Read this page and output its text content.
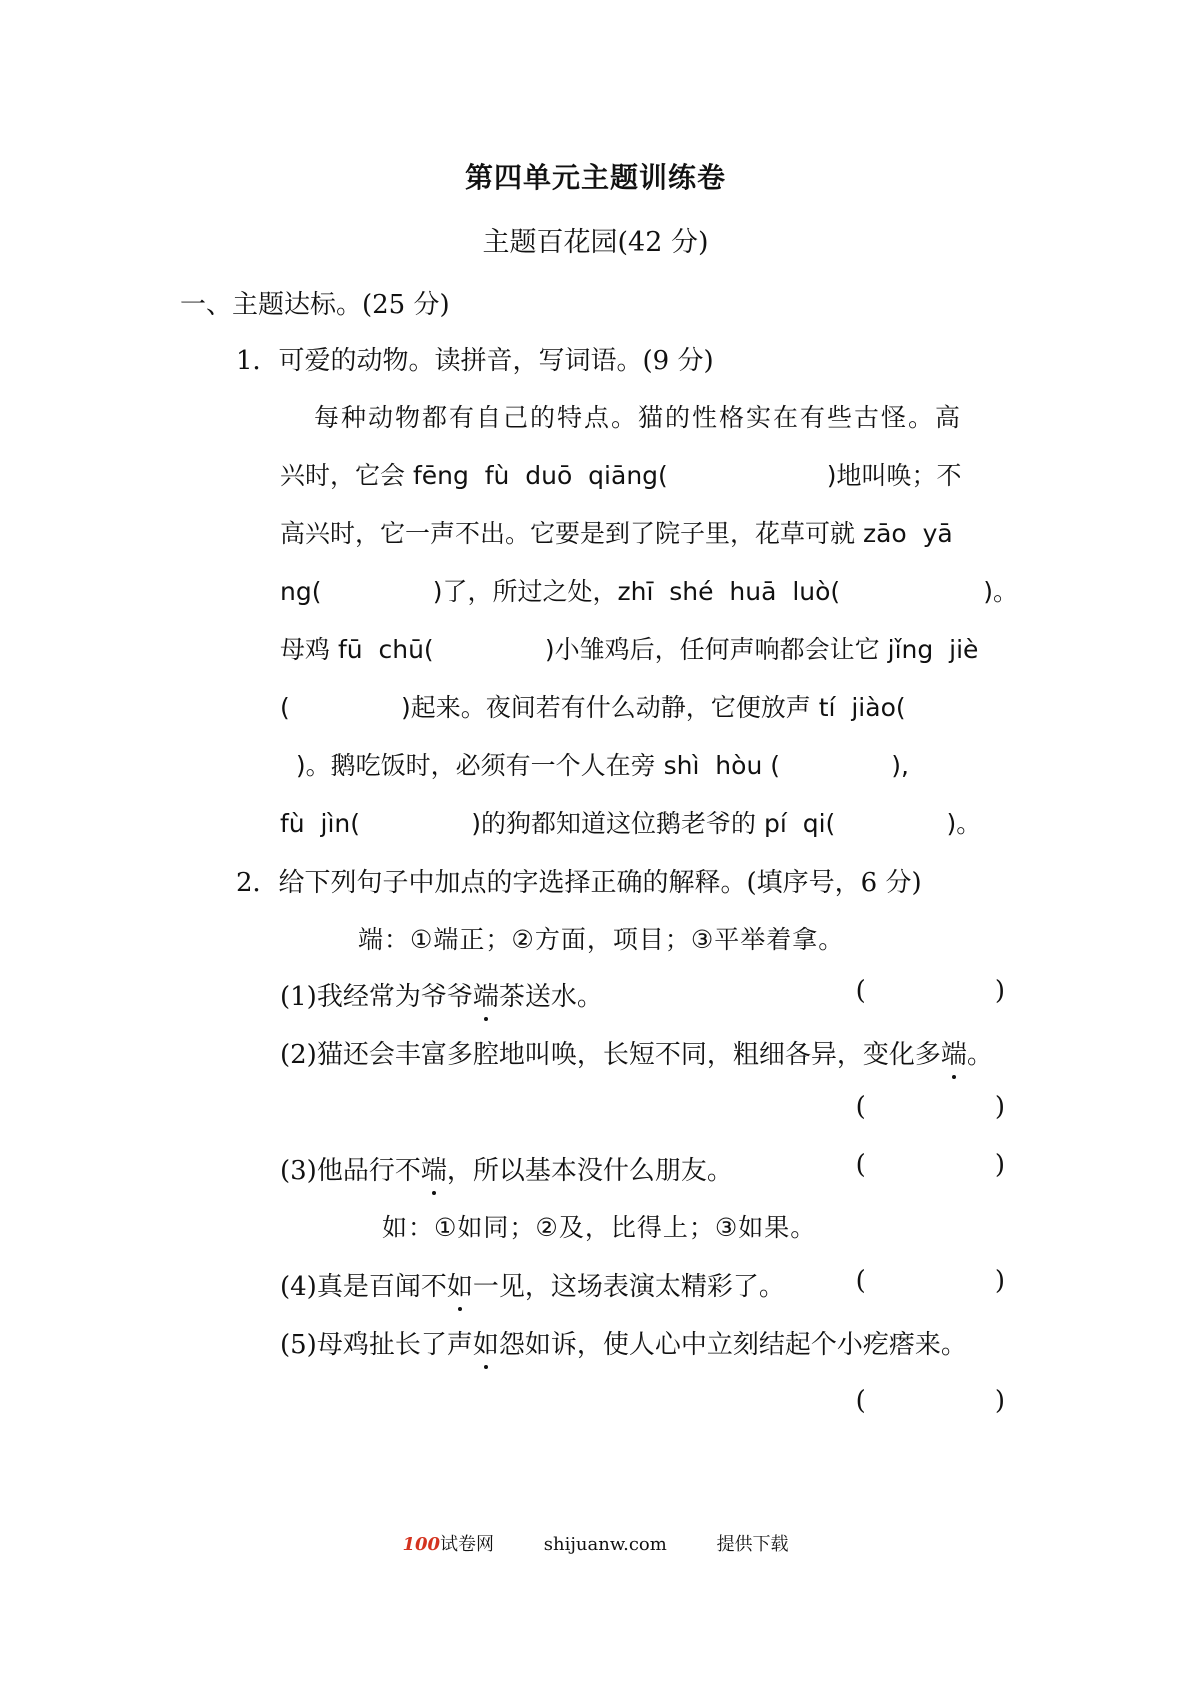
第四单元主题训练卷
主题百花园(42 分)
一、主题达标。(25 分)
1．可爱的动物。读拼音，写词语。(9 分)
每种动物都有自己的特点。猫的性格实在有些古怪。高
兴时，它会 fēng  fù  duō  qiāng(                    )地叫唤；不
高兴时，它一声不出。它要是到了院子里，花草可就 zāo  yā
ng(              )了，所过之处，zhī  shé  huā  luò(                  )。
母鸡 fū  chū(              )小雏鸡后，任何声响都会让它 jǐng  jiè
(              )起来。夜间若有什么动静，它便放声 tí  jiào(
)。鹅吃饭时，必须有一个人在旁 shì  hòu (              ),
fù  jìn(              )的狗都知道这位鹅老爷的 pí  qi(              )。
2．给下列句子中加点的字选择正确的解释。(填序号，6 分)
端：①端正；②方面，项目；③平举着拿。
(1)我经常为爷爷端茶送水。	(    )
(2)猫还会丰富多腔地叫唤，长短不同，粗细各异，变化多端。
(    )
(3)他品行不端，所以基本没什么朋友。	(    )
如：①如同；②及，比得上；③如果。
(4)真是百闻不如一见，这场表演太精彩了。	(    )
(5)母鸡扯长了声如怨如诉，使人心中立刻结起个小疙瘩来。
(    )
100试卷网	shijuanw.com	提供下载
